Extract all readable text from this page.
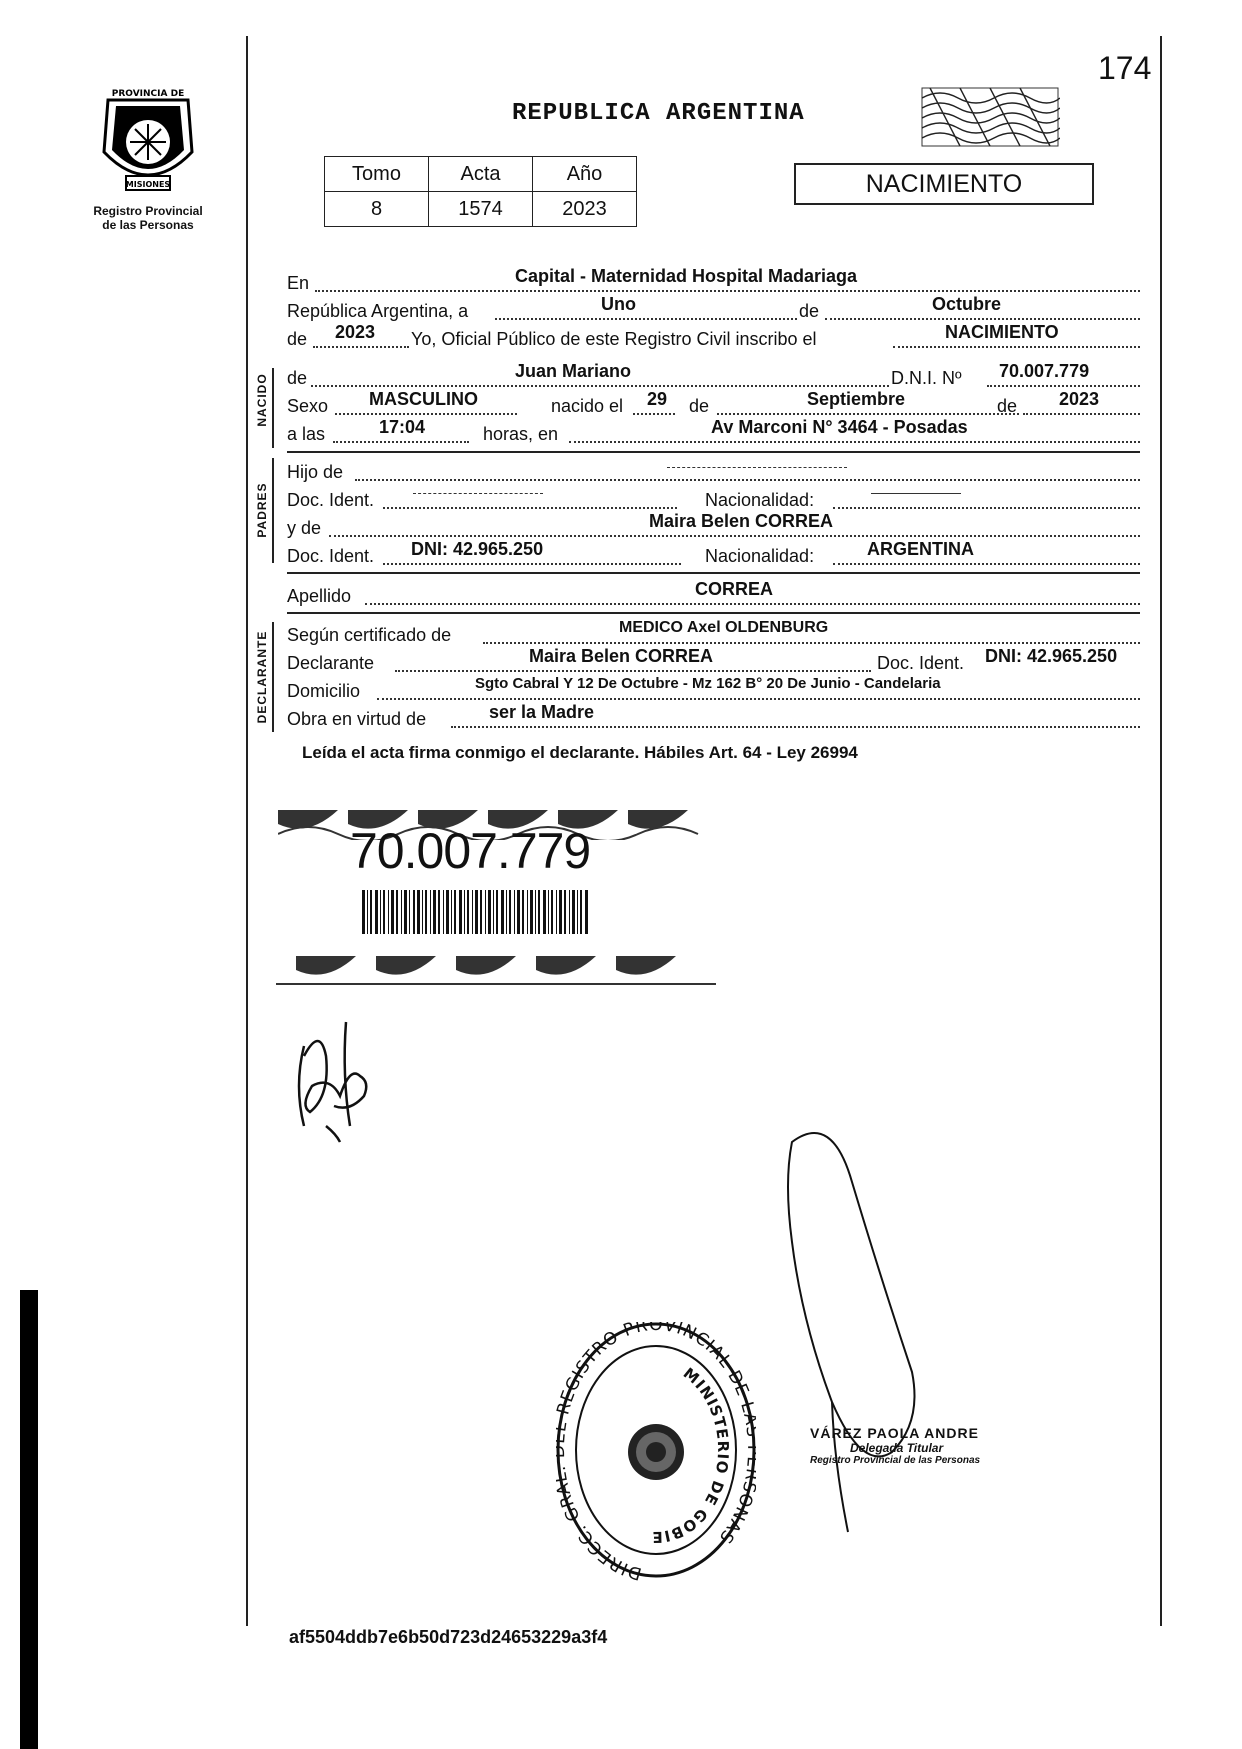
174
PROVINCIA DE
MISIONES
Registro Provincial
de las Personas
REPUBLICA ARGENTINA
Tomo	Acta	Año
8	1574	2023
NACIMIENTO
En	Capital - Maternidad Hospital Madariaga
República Argentina, a	Uno	de	Octubre
de 2023 Yo, Oficial Público de este Registro Civil inscribo el	NACIMIENTO
NACIDO de	Juan Mariano	D.N.I. Nº 70.007.779
Sexo MASCULINO	nacido el 29 de	Septiembre	de 2023
a las	17:04	horas, en	Av Marconi N° 3464 - Posadas
PADRES
Hijo de
Doc. Ident.	Nacionalidad:
y de	Maira Belen CORREA
Doc. Ident. DNI: 42.965.250	Nacionalidad:	ARGENTINA
Apellido	CORREA
DECLARANTE Según certificado de	MEDICO Axel OLDENBURG
Declarante	Maira Belen CORREA	Doc. Ident. DNI: 42.965.250
Domicilio	Sgto Cabral Y 12 De Octubre - Mz 162 B° 20 De Junio - Candelaria
Obra en virtud de	ser la Madre
Leída el acta firma conmigo el declarante. Hábiles Art. 64 - Ley 26994
70.007.779
DIRECC. GR EGISTRO PROVINCIAL DE ONAS
MINISTERIO DE GOBIE
VÁREZ PAOLA ANDRE
Delegada Titular
Registro Provincial de las Personas
af5504ddb7e6b50d723d24653229a3f4
